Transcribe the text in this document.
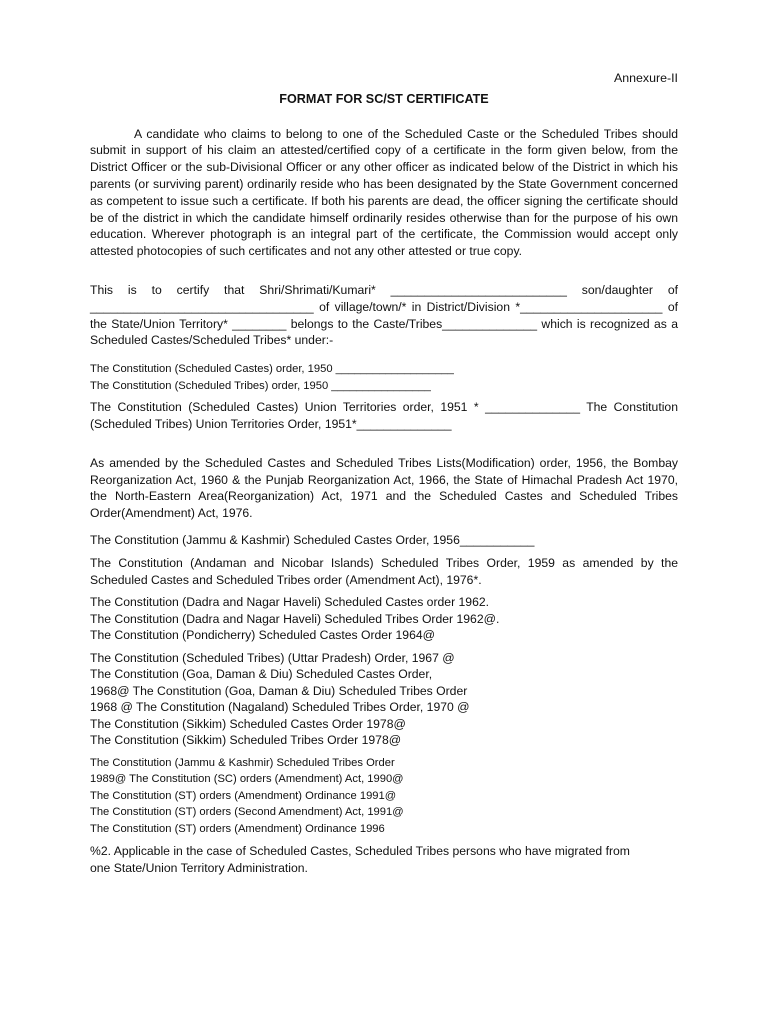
Annexure-II
FORMAT FOR SC/ST CERTIFICATE
A candidate who claims to belong to one of the Scheduled Caste or the Scheduled Tribes should submit in support of his claim an attested/certified copy of a certificate in the form given below, from the District Officer or the sub-Divisional Officer or any other officer as indicated below of the District in which his parents (or surviving parent) ordinarily reside who has been designated by the State Government concerned as competent to issue such a certificate. If both his parents are dead, the officer signing the certificate should be of the district in which the candidate himself ordinarily resides otherwise than for the purpose of his own education. Wherever photograph is an integral part of the certificate, the Commission would accept only attested photocopies of such certificates and not any other attested or true copy.
This is to certify that Shri/Shrimati/Kumari* __________________________ son/daughter of _________________________________ of village/town/* in District/Division *_____________________ of the State/Union Territory* ________ belongs to the Caste/Tribes______________ which is recognized as a Scheduled Castes/Scheduled Tribes* under:-
The Constitution (Scheduled Castes) order, 1950 ___________________
The Constitution (Scheduled Tribes) order, 1950 ________________
The Constitution (Scheduled Castes) Union Territories order, 1951 * ______________ The Constitution (Scheduled Tribes) Union Territories Order, 1951*______________
As amended by the Scheduled Castes and Scheduled Tribes Lists(Modification) order, 1956, the Bombay Reorganization Act, 1960 & the Punjab Reorganization Act, 1966, the State of Himachal Pradesh Act 1970, the North-Eastern Area(Reorganization) Act, 1971 and the Scheduled Castes and Scheduled Tribes Order(Amendment) Act, 1976.
The Constitution (Jammu & Kashmir) Scheduled Castes Order, 1956___________
The Constitution (Andaman and Nicobar Islands) Scheduled Tribes Order, 1959 as amended by the Scheduled Castes and Scheduled Tribes order (Amendment Act), 1976*.
The Constitution (Dadra and Nagar Haveli) Scheduled Castes order 1962.
The Constitution (Dadra and Nagar Haveli) Scheduled Tribes Order 1962@.
The Constitution (Pondicherry) Scheduled Castes Order 1964@
The Constitution (Scheduled Tribes) (Uttar Pradesh) Order, 1967 @
The Constitution (Goa, Daman & Diu) Scheduled Castes Order,
1968@ The Constitution (Goa, Daman & Diu) Scheduled Tribes Order
1968 @ The Constitution (Nagaland) Scheduled Tribes Order, 1970 @
The Constitution (Sikkim) Scheduled Castes Order 1978@
The Constitution (Sikkim) Scheduled Tribes Order 1978@
The Constitution (Jammu & Kashmir) Scheduled Tribes Order
1989@ The Constitution (SC) orders (Amendment) Act, 1990@
The Constitution (ST) orders (Amendment) Ordinance 1991@
The Constitution (ST) orders (Second Amendment) Act, 1991@
The Constitution (ST) orders (Amendment) Ordinance 1996
%2. Applicable in the case of Scheduled Castes, Scheduled Tribes persons who have migrated from
one State/Union Territory Administration.
